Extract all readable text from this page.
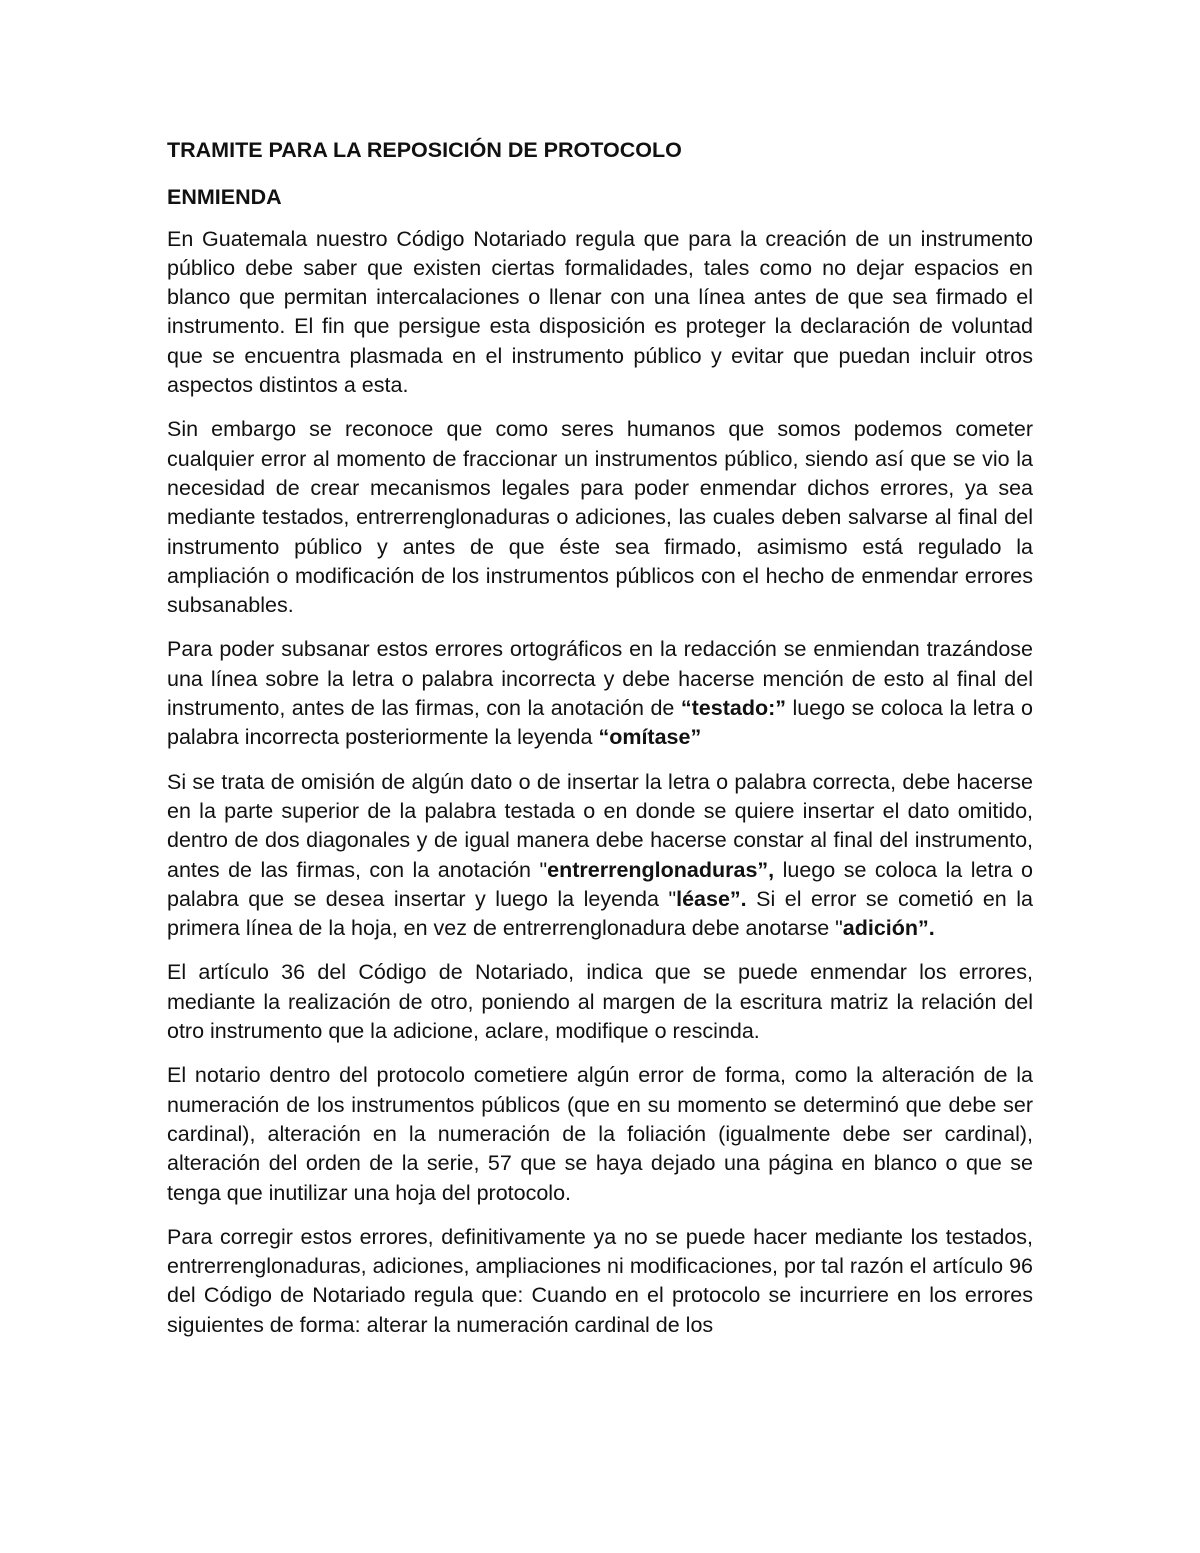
TRAMITE PARA LA REPOSICIÓN DE PROTOCOLO
ENMIENDA

En Guatemala nuestro Código Notariado regula que para la creación de un instrumento público debe saber que existen ciertas formalidades, tales como no dejar espacios en blanco que permitan intercalaciones o llenar con una línea antes de que sea firmado el instrumento. El fin que persigue esta disposición es proteger la declaración de voluntad que se encuentra plasmada en el instrumento público y evitar que puedan incluir otros aspectos distintos a esta.

Sin embargo se reconoce que como seres humanos que somos podemos cometer cualquier error al momento de fraccionar un instrumentos público, siendo así que se vio la necesidad de crear mecanismos legales para poder enmendar dichos errores, ya sea mediante testados, entrerrenglonaduras o adiciones, las cuales deben salvarse al final del instrumento público y antes de que éste sea firmado, asimismo está regulado la ampliación o modificación de los instrumentos públicos con el hecho de enmendar errores subsanables.

Para poder subsanar estos errores ortográficos en la redacción se enmiendan trazándose una línea sobre la letra o palabra incorrecta y debe hacerse mención de esto al final del instrumento, antes de las firmas, con la anotación de “testado:” luego se coloca la letra o palabra incorrecta posteriormente la leyenda “omítase”

Si se trata de omisión de algún dato o de insertar la letra o palabra correcta, debe hacerse en la parte superior de la palabra testada o en donde se quiere insertar el dato omitido, dentro de dos diagonales y de igual manera debe hacerse constar al final del instrumento, antes de las firmas, con la anotación "entrerrenglonaduras”, luego se coloca la letra o palabra que se desea insertar y luego la leyenda "léase”. Si el error se cometió en la primera línea de la hoja, en vez de entrerrenglonadura debe anotarse "adición”.

El artículo 36 del Código de Notariado, indica que se puede enmendar los errores, mediante la realización de otro, poniendo al margen de la escritura matriz la relación del otro instrumento que la adicione, aclare, modifique o rescinda.

El notario dentro del protocolo cometiere algún error de forma, como la alteración de la numeración de los instrumentos públicos (que en su momento se determinó que debe ser cardinal), alteración en la numeración de la foliación (igualmente debe ser cardinal), alteración del orden de la serie, 57 que se haya dejado una página en blanco o que se tenga que inutilizar una hoja del protocolo.

Para corregir estos errores, definitivamente ya no se puede hacer mediante los testados, entrerrenglonaduras, adiciones, ampliaciones ni modificaciones, por tal razón el artículo 96 del Código de Notariado regula que: Cuando en el protocolo se incurriere en los errores siguientes de forma: alterar la numeración cardinal de los
